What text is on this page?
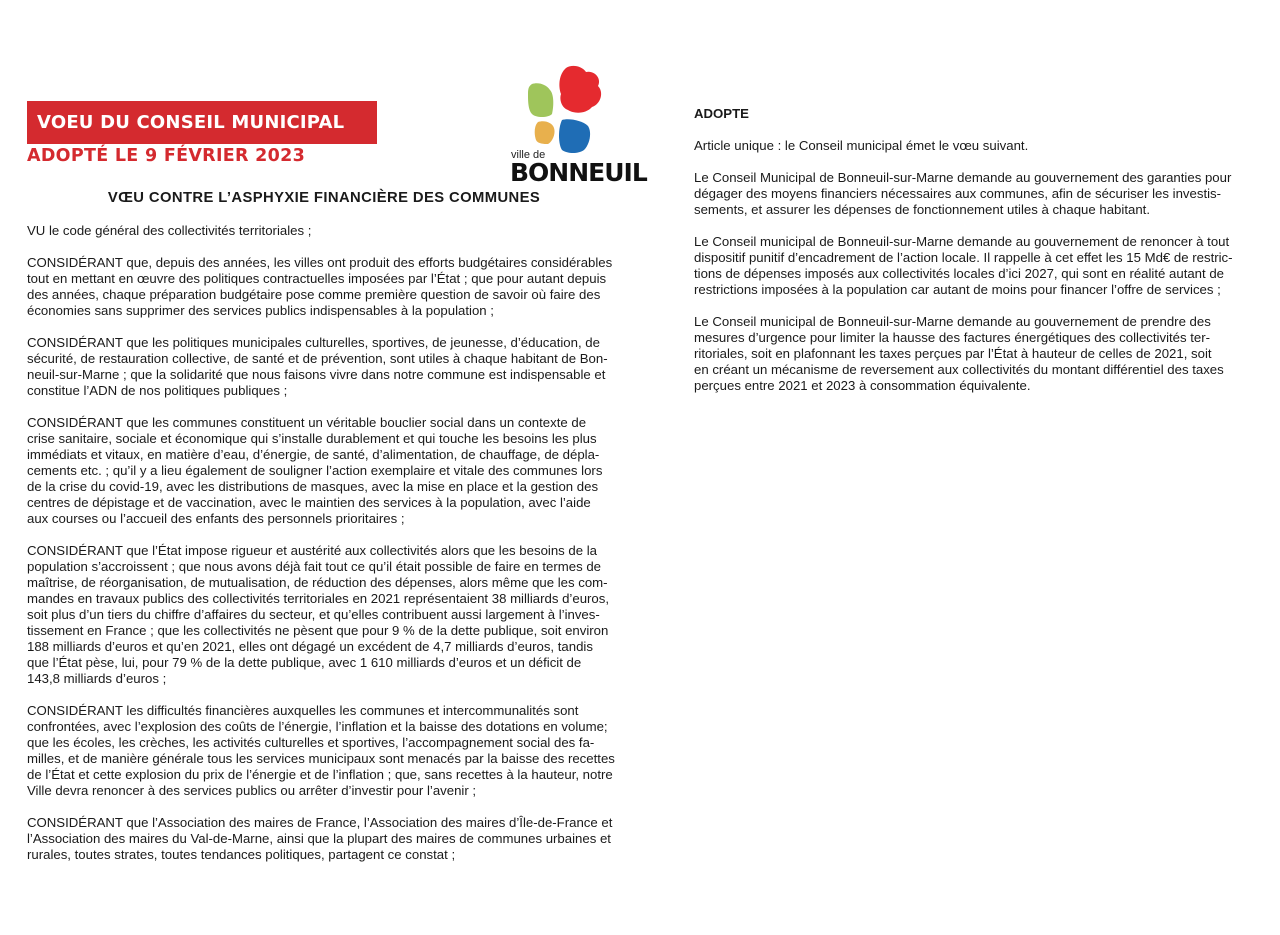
VOEU DU CONSEIL MUNICIPAL
ADOPTÉ LE 9 FÉVRIER 2023	ville de
BONNEUIL
VŒU CONTRE L’ASPHYXIE FINANCIÈRE DES COMMUNES

VU le code général des collectivités territoriales ;

CONSIDÉRANT que, depuis des années, les villes ont produit des efforts budgétaires considérables
tout en mettant en œuvre des politiques contractuelles imposées par l’État ; que pour autant depuis
des années, chaque préparation budgétaire pose comme première question de savoir où faire des
économies sans supprimer des services publics indispensables à la population ;

CONSIDÉRANT que les politiques municipales culturelles, sportives, de jeunesse, d’éducation, de
sécurité, de restauration collective, de santé et de prévention, sont utiles à chaque habitant de Bon-
neuil-sur-Marne ; que la solidarité que nous faisons vivre dans notre commune est indispensable et
constitue l’ADN de nos politiques publiques ;

CONSIDÉRANT que les communes constituent un véritable bouclier social dans un contexte de
crise sanitaire, sociale et économique qui s’installe durablement et qui touche les besoins les plus
immédiats et vitaux, en matière d’eau, d’énergie, de santé, d’alimentation, de chauffage, de dépla-
cements etc. ; qu’il y a lieu également de souligner l’action exemplaire et vitale des communes lors
de la crise du covid-19, avec les distributions de masques, avec la mise en place et la gestion des
centres de dépistage et de vaccination, avec le maintien des services à la population, avec l’aide
aux courses ou l’accueil des enfants des personnels prioritaires ;

CONSIDÉRANT que l’État impose rigueur et austérité aux collectivités alors que les besoins de la
population s’accroissent ; que nous avons déjà fait tout ce qu’il était possible de faire en termes de
maîtrise, de réorganisation, de mutualisation, de réduction des dépenses, alors même que les com-
mandes en travaux publics des collectivités territoriales en 2021 représentaient 38 milliards d’euros,
soit plus d’un tiers du chiffre d’affaires du secteur, et qu’elles contribuent aussi largement à l’inves-
tissement en France ; que les collectivités ne pèsent que pour 9 % de la dette publique, soit environ
188 milliards d’euros et qu’en 2021, elles ont dégagé un excédent de 4,7 milliards d’euros, tandis
que l’État pèse, lui, pour 79 % de la dette publique, avec 1 610 milliards d’euros et un déficit de
143,8 milliards d’euros ;

CONSIDÉRANT les difficultés financières auxquelles les communes et intercommunalités sont
confrontées, avec l’explosion des coûts de l’énergie, l’inflation et la baisse des dotations en volume;
que les écoles, les crèches, les activités culturelles et sportives, l’accompagnement social des fa-
milles, et de manière générale tous les services municipaux sont menacés par la baisse des recettes
de l’État et cette explosion du prix de l’énergie et de l’inflation ; que, sans recettes à la hauteur, notre
Ville devra renoncer à des services publics ou arrêter d’investir pour l’avenir ;

CONSIDÉRANT que l’Association des maires de France, l’Association des maires d’Île-de-France et
l’Association des maires du Val-de-Marne, ainsi que la plupart des maires de communes urbaines et
rurales, toutes strates, toutes tendances politiques, partagent ce constat ;

ADOPTE

Article unique : le Conseil municipal émet le vœu suivant.

Le Conseil Municipal de Bonneuil-sur-Marne demande au gouvernement des garanties pour
dégager des moyens financiers nécessaires aux communes, afin de sécuriser les investis-
sements, et assurer les dépenses de fonctionnement utiles à chaque habitant.

Le Conseil municipal de Bonneuil-sur-Marne demande au gouvernement de renoncer à tout
dispositif punitif d’encadrement de l’action locale. Il rappelle à cet effet les 15 Md€ de restric-
tions de dépenses imposés aux collectivités locales d’ici 2027, qui sont en réalité autant de
restrictions imposées à la population car autant de moins pour financer l’offre de services ;

Le Conseil municipal de Bonneuil-sur-Marne demande au gouvernement de prendre des
mesures d’urgence pour limiter la hausse des factures énergétiques des collectivités ter-
ritoriales, soit en plafonnant les taxes perçues par l’État à hauteur de celles de 2021, soit
en créant un mécanisme de reversement aux collectivités du montant différentiel des taxes
perçues entre 2021 et 2023 à consommation équivalente.
